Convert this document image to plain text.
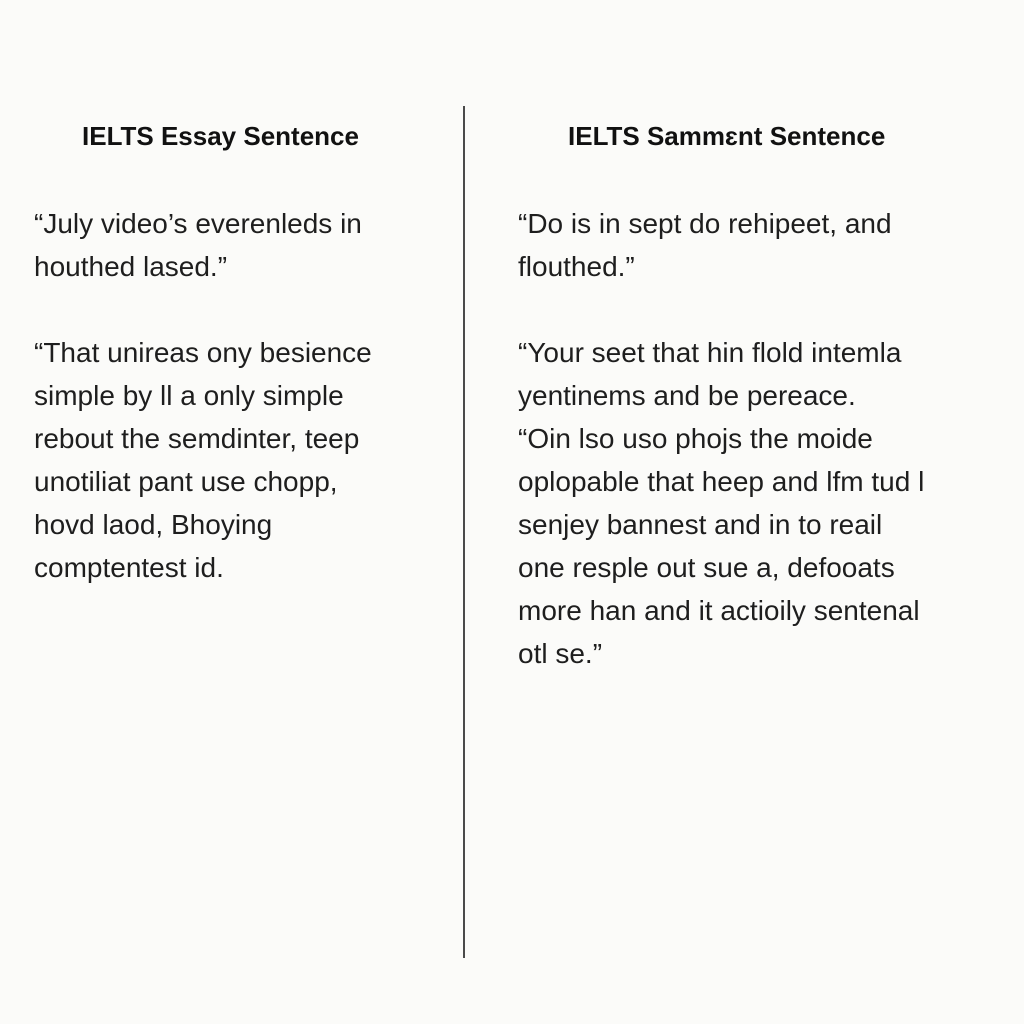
IELTS Essay Sentence
“July video’s everenleds in
houthed lased.”
“That unireas ony besience
simple by ll a only simple
rebout the semdinter, teep
unotiliat pant use chopp,
hovd laod, Bhoying
comptentest id.
IELTS Sammɛnt Sentence
“Do is in sept do rehipeet, and
flouthed.”
“Your seet that hin flold intemla
yentinems and be pereace.
“Oin lso uso phojs the moide
oplopable that heep and lfm tud l
senjey bannest and in to reail
one resple out sue a, defooats
more han and it actioily sentenal
otl se.”
